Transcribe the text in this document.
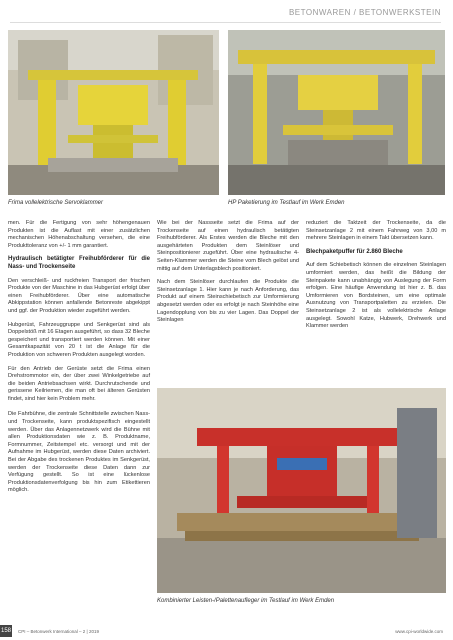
BETONWAREN / BETONWERKSTEIN
Frima vollelektrische Servoklammer	HP Paketierung im Testlauf im Werk Emden

men. Für die Fertigung von sehr höhengenauen Produkten ist die Auflast mit einer zusätzlichen mechanischen Höhenabschaltung versehen, die eine Produkttoleranz von +/- 1 mm garantiert.

Hydraulisch betätigter Freihubförderer für die Nass- und Trockenseite

Den verschleiß- und ruckfreien Transport der frischen Produkte von der Maschine in das Hubgerüst erfolgt über einen Freihubförderer. Über eine automatische Abkippstation können anfallende Betonreste abgekippt und ggf. der Produktion wieder zugeführt werden.

Hubgerüst, Fahrzeuggruppe und Senkgerüst sind als Doppelstöß mit 16 Etagen ausgeführt, so dass 32 Bleche gespeichert und transportiert werden können. Mit einer Gesamtkapazität von 20 t ist die Anlage für die Produktion von schweren Produkten ausgelegt worden.

Für den Antrieb der Gerüste setzt die Frima einen Drehstrommotor ein, der über zwei Winkelgetriebe auf die beiden Antriebsachsen wirkt. Durchrutschende und gerissene Keilriemen, die man oft bei älteren Gerüsten findet, sind hier kein Problem mehr.

Die Fahrbühne, die zentrale Schnittstelle zwischen Nass- und Trockenseite, kann produktspezifisch eingestellt werden. Über das Anlagennetzwerk wird die Bühne mit allen Produktionsdaten wie z. B. Produktname, Formnummer, Zeitstempel etc. versorgt und mit der Aufnahme im Hubgerüst, werden diese Daten archiviert. Bei der Abgabe des trockenen Produktes im Senkgerüst, werden der Trockenseite diese Daten dann zur Verfügung gestellt. So ist eine lückenlose Produktionsdatenverfolgung bis hin zum Etikettieren möglich.

Wie bei der Nassseite setzt die Frima auf der Trockenseite auf einen hydraulisch betätigten Freihubförderer. Als Erstes werden die Bleche mit den ausgehärteten Produkten dem Steinlöser und Steinpositionierer zugeführt. Über eine hydraulische 4-Seiten-Klammer werden die Steine vom Blech gelöst und mittig auf dem Unterlagsblech positioniert.

Nach dem Steinlöser durchlaufen die Produkte die Steinsetzanlage 1. Hier kann je nach Anforderung, das Produkt auf einem Steinschiebetisch zur Umformierung abgesetzt werden oder es erfolgt je nach Steinhöhe eine Lagendopplung von bis zu vier Lagen. Das Doppel der Steinlagen

reduziert die Taktzeit der Trockenseite, da die Steinsetzanlage 2 mit einem Fahrweg von 3,00 m mehrere Steinlagen in einem Takt übersetzen kann.

Blechpaketpuffer für 2.860 Bleche

Auf dem Schiebetisch können die einzelnen Steinlagen umformiert werden, das heißt die Bildung der Steinpakete kann unabhängig von Auslegung der Form erfolgen. Eine häufige Anwendung ist hier z. B. das Umformieren von Bordsteinen, um eine optimale Ausnutzung von Transportpaletten zu erzielen. Die Steinsetzanlage 2 ist als vollelektrische Anlage ausgelegt. Sowohl Katze, Hubwerk, Drehwerk und Klammer werden

Kombinierter Leisten-/Palettenaufleger im Testlauf im Werk Emden
158 CPI – Betonwerk International – 2 | 2019	www.cpi-worldwide.com
